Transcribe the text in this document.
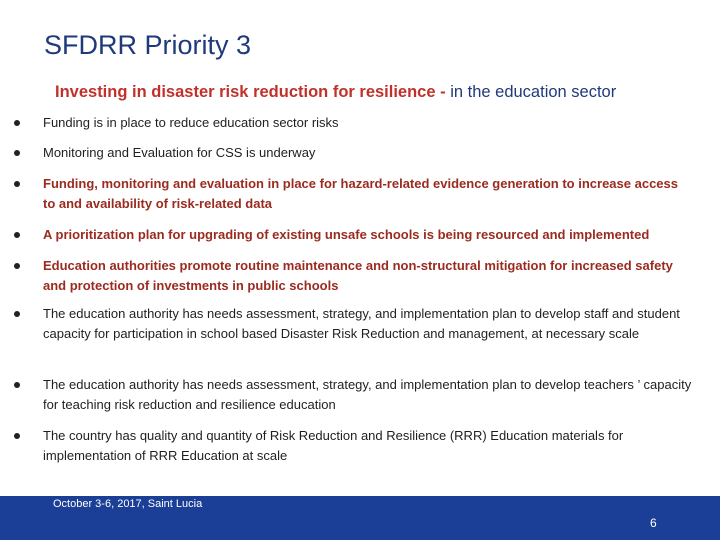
SFDRR Priority 3
Investing in disaster risk reduction for resilience - in the education sector
Funding is in place to reduce education sector risks
Monitoring and Evaluation for CSS is underway
Funding, monitoring and evaluation in place for hazard-related evidence generation to increase access to and availability of risk-related data
A prioritization plan for upgrading of existing unsafe schools is being resourced and implemented
Education authorities promote routine maintenance and non-structural mitigation for increased safety and protection of investments in public schools
The education authority has needs assessment, strategy, and implementation plan to develop staff and student capacity for participation in school based Disaster Risk Reduction and management, at necessary scale
The education authority has needs assessment, strategy, and implementation plan to develop teachers ’ capacity for teaching risk reduction and resilience education
The country has quality and quantity of Risk Reduction and Resilience (RRR) Education materials for implementation of RRR Education at scale
Model Safe School Programme Training
October 3-6, 2017, Saint Lucia
6
